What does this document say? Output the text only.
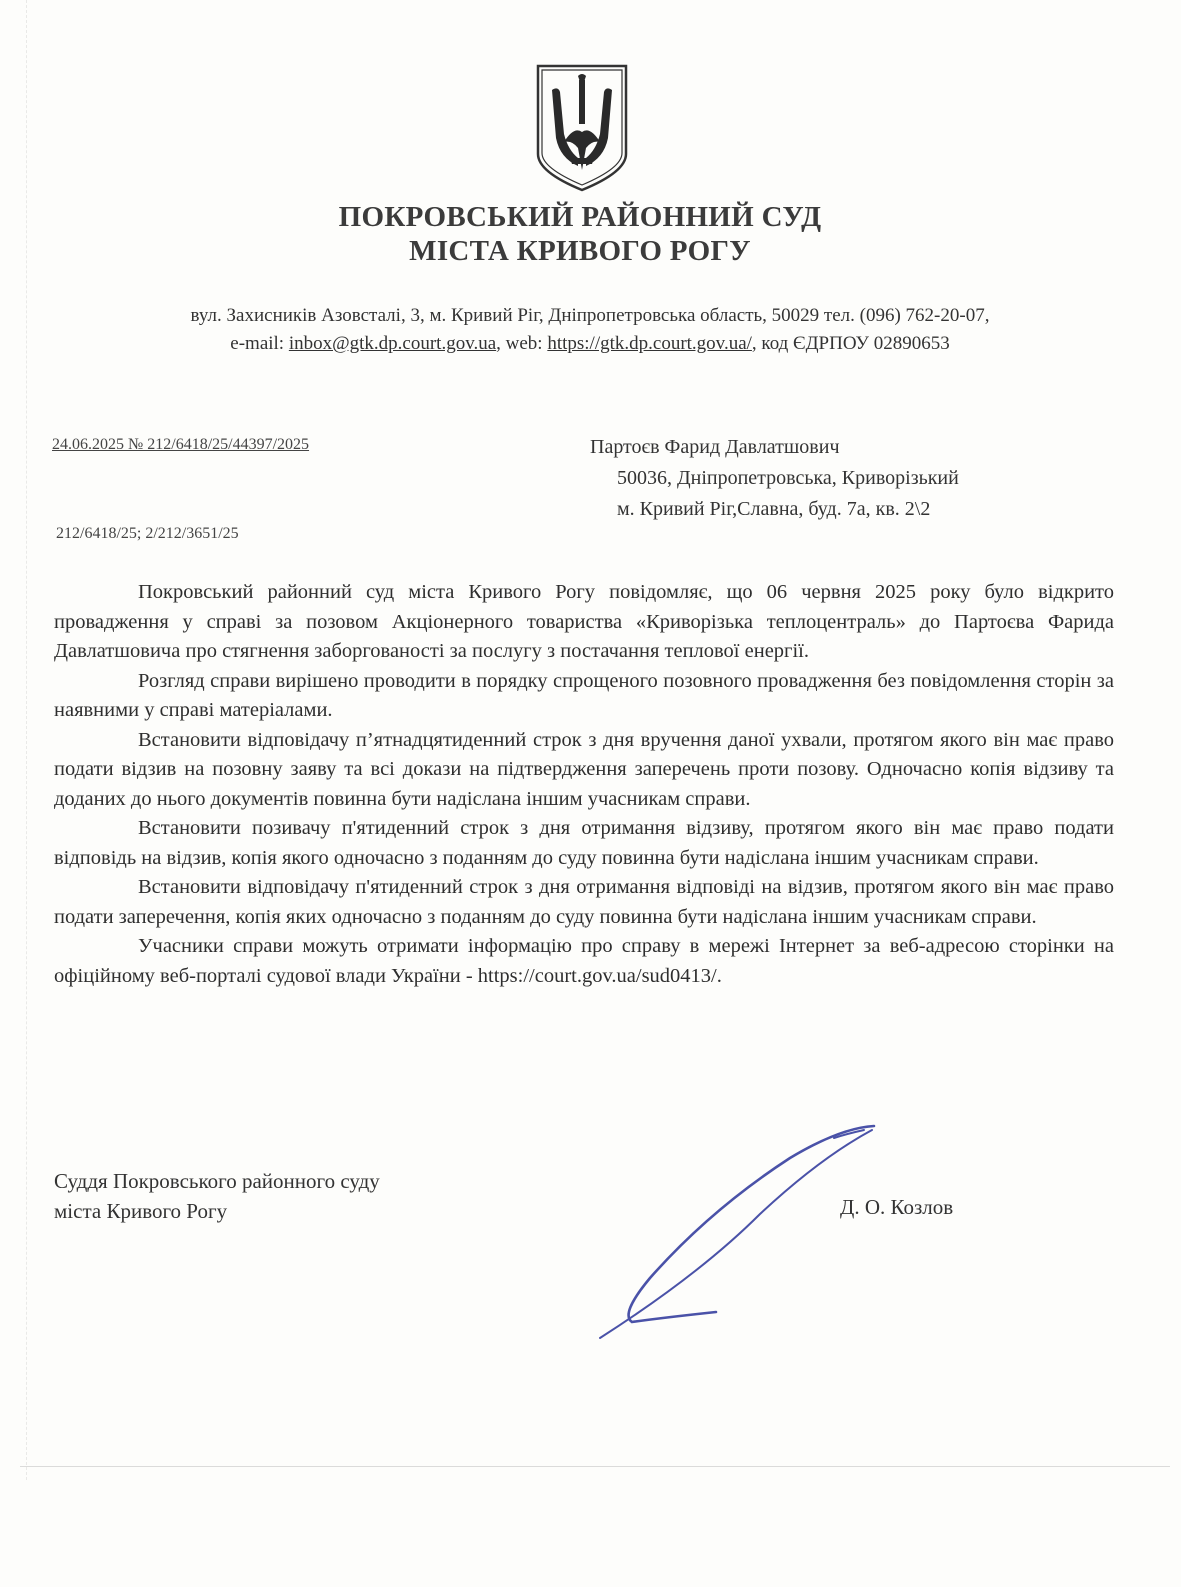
ПОКРОВСЬКИЙ РАЙОННИЙ СУД
МІСТА КРИВОГО РОГУ
вул. Захисників Азовсталі, 3, м. Кривий Ріг, Дніпропетровська область, 50029 тел. (096) 762-20-07,
e-mail: inbox@gtk.dp.court.gov.ua, web: https://gtk.dp.court.gov.ua/, код ЄДРПОУ 02890653
24.06.2025 № 212/6418/25/44397/2025
212/6418/25; 2/212/3651/25
Партоєв Фарид Давлатшович
50036, Дніпропетровська, Криворізький
м. Кривий Ріг,Славна, буд. 7а, кв. 2\2

Покровський районний суд міста Кривого Рогу повідомляє, що 06 червня 2025 року було відкрито провадження у справі за позовом Акціонерного товариства «Криворізька теплоцентраль» до Партоєва Фарида Давлатшовича про стягнення заборгованості за послугу з постачання теплової енергії.

Розгляд справи вирішено проводити в порядку спрощеного позовного провадження без повідомлення сторін за наявними у справі матеріалами.

Встановити відповідачу п’ятнадцятиденний строк з дня вручення даної ухвали, протягом якого він має право подати відзив на позовну заяву та всі докази на підтвердження заперечень проти позову. Одночасно копія відзиву та доданих до нього документів повинна бути надіслана іншим учасникам справи.

Встановити позивачу п'ятиденний строк з дня отримання відзиву, протягом якого він має право подати відповідь на відзив, копія якого одночасно з поданням до суду повинна бути надіслана іншим учасникам справи.

Встановити відповідачу п'ятиденний строк з дня отримання відповіді на відзив, протягом якого він має право подати заперечення, копія яких одночасно з поданням до суду повинна бути надіслана іншим учасникам справи.

Учасники справи можуть отримати інформацію про справу в мережі Інтернет за веб-адресою сторінки на офіційному веб-порталі судової влади України - https://court.gov.ua/sud0413/.

Суддя Покровського районного суду
міста Кривого Рогу	Д. О. Козлов
